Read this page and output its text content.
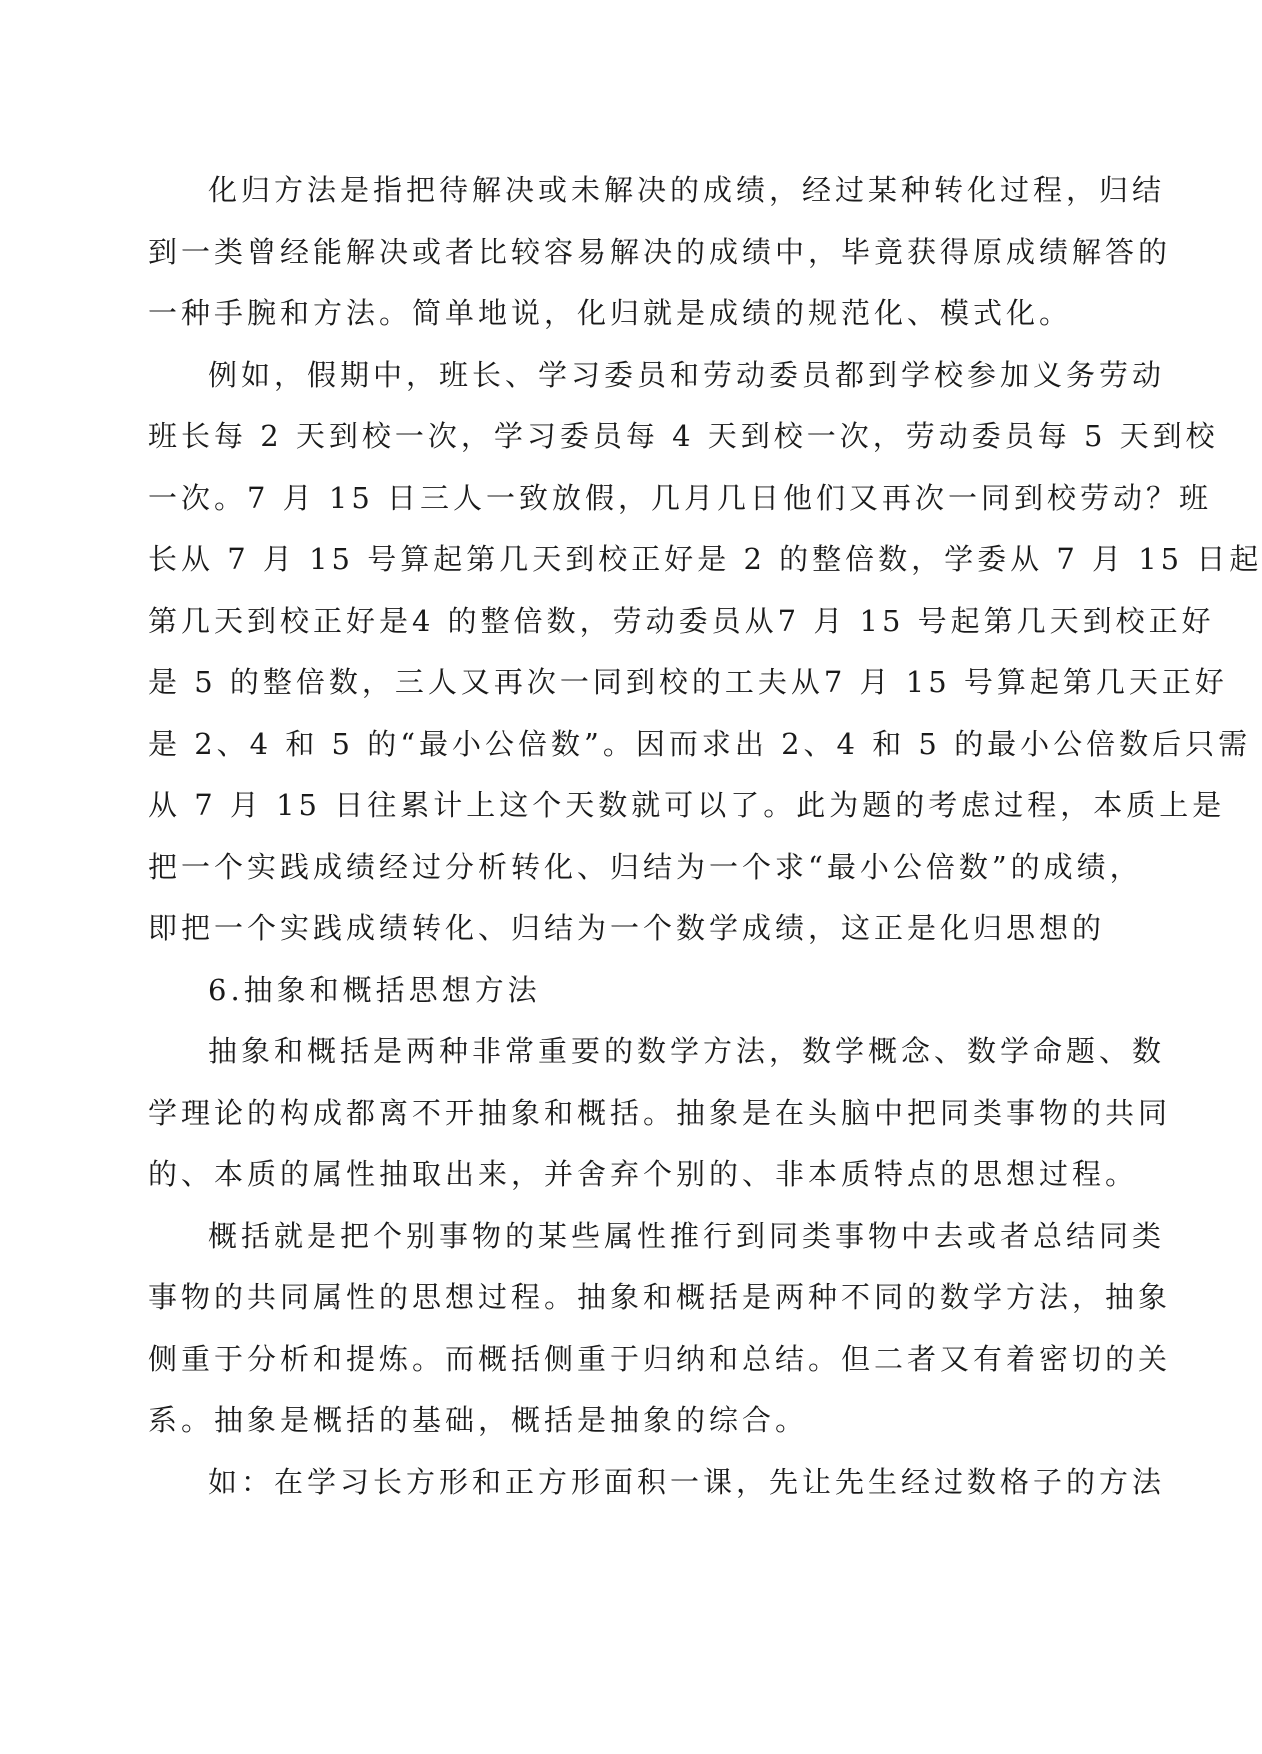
化归方法是指把待解决或未解决的成绩，经过某种转化过程，归结
到一类曾经能解决或者比较容易解决的成绩中，毕竟获得原成绩解答的
一种手腕和方法。简单地说，化归就是成绩的规范化、模式化。
例如，假期中，班长、学习委员和劳动委员都到学校参加义务劳动
班长每 2 天到校一次，学习委员每 4 天到校一次，劳动委员每 5 天到校
一次。7 月 15 日三人一致放假，几月几日他们又再次一同到校劳动？班
长从 7 月 15 号算起第几天到校正好是 2 的整倍数，学委从 7 月 15 日起
第几天到校正好是4 的整倍数，劳动委员从7 月 15 号起第几天到校正好
是 5 的整倍数，三人又再次一同到校的工夫从7 月 15 号算起第几天正好
是 2、4 和 5 的“最小公倍数”。因而求出 2、4 和 5 的最小公倍数后只需
从 7 月 15 日往累计上这个天数就可以了。此为题的考虑过程，本质上是
把一个实践成绩经过分析转化、归结为一个求“最小公倍数”的成绩，
即把一个实践成绩转化、归结为一个数学成绩，这正是化归思想的
6.抽象和概括思想方法
抽象和概括是两种非常重要的数学方法，数学概念、数学命题、数
学理论的构成都离不开抽象和概括。抽象是在头脑中把同类事物的共同
的、本质的属性抽取出来，并舍弃个别的、非本质特点的思想过程。
概括就是把个别事物的某些属性推行到同类事物中去或者总结同类
事物的共同属性的思想过程。抽象和概括是两种不同的数学方法，抽象
侧重于分析和提炼。而概括侧重于归纳和总结。但二者又有着密切的关
系。抽象是概括的基础，概括是抽象的综合。
如：在学习长方形和正方形面积一课，先让先生经过数格子的方法
